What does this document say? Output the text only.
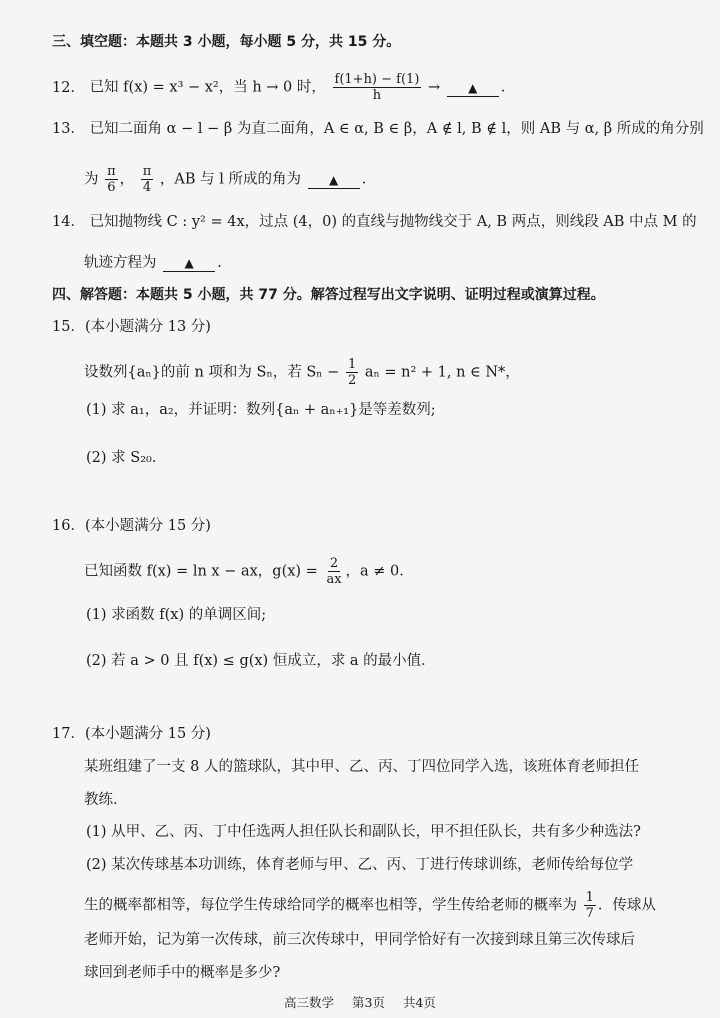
三、填空题：本题共 3 小题，每小题 5 分，共 15 分。
12． 已知 f(x) = x³ − x²，当 h → 0 时， $\frac{f(1+h) - f(1)}{h}$ → ▲ .
13． 已知二面角 α − l − β 为直二面角，A ∈ α, B ∈ β，A ∉ l, B ∉ l，则 AB 与 α, β 所成的角分别
为 $\frac{\pi}{6}$ ， $\frac{\pi}{4}$ ，AB 与 l 所成的角为 ▲ .
14． 已知抛物线 C : y² = 4x，过点 (4，0) 的直线与抛物线交于 A, B 两点，则线段 AB 中点 M 的
轨迹方程为 ▲ .
四、解答题：本题共 5 小题，共 77 分。解答过程写出文字说明、证明过程或演算过程。
15．(本小题满分 13 分)
设数列{aₙ}的前 n 项和为 Sₙ，若 $S_n - \frac{1}{2}$ aₙ = n² + 1, n ∈ N*，
(1) 求 a₁，a₂，并证明：数列{aₙ + aₙ₊₁}是等差数列;
(2) 求 S₂₀．
16．(本小题满分 15 分)
已知函数 f(x) = ln x − ax，$g(x) = \frac{2}{ax}$ ，a ≠ 0．
(1) 求函数 f(x) 的单调区间;
(2) 若 a > 0 且 f(x) ≤ g(x) 恒成立，求 a 的最小值．
17．(本小题满分 15 分)
某班组建了一支 8 人的篮球队，其中甲、乙、丙、丁四位同学入选，该班体育老师担任
教练．
(1) 从甲、乙、丙、丁中任选两人担任队长和副队长，甲不担任队长，共有多少种选法?
(2) 某次传球基本功训练，体育老师与甲、乙、丙、丁进行传球训练，老师传给每位学
生的概率都相等，每位学生传球给同学的概率也相等，学生传给老师的概率为 $\frac{1}{7}$ ．传球从
老师开始，记为第一次传球，前三次传球中，甲同学恰好有一次接到球且第三次传球后
球回到老师手中的概率是多少?
高三数学 第3页 共4页
